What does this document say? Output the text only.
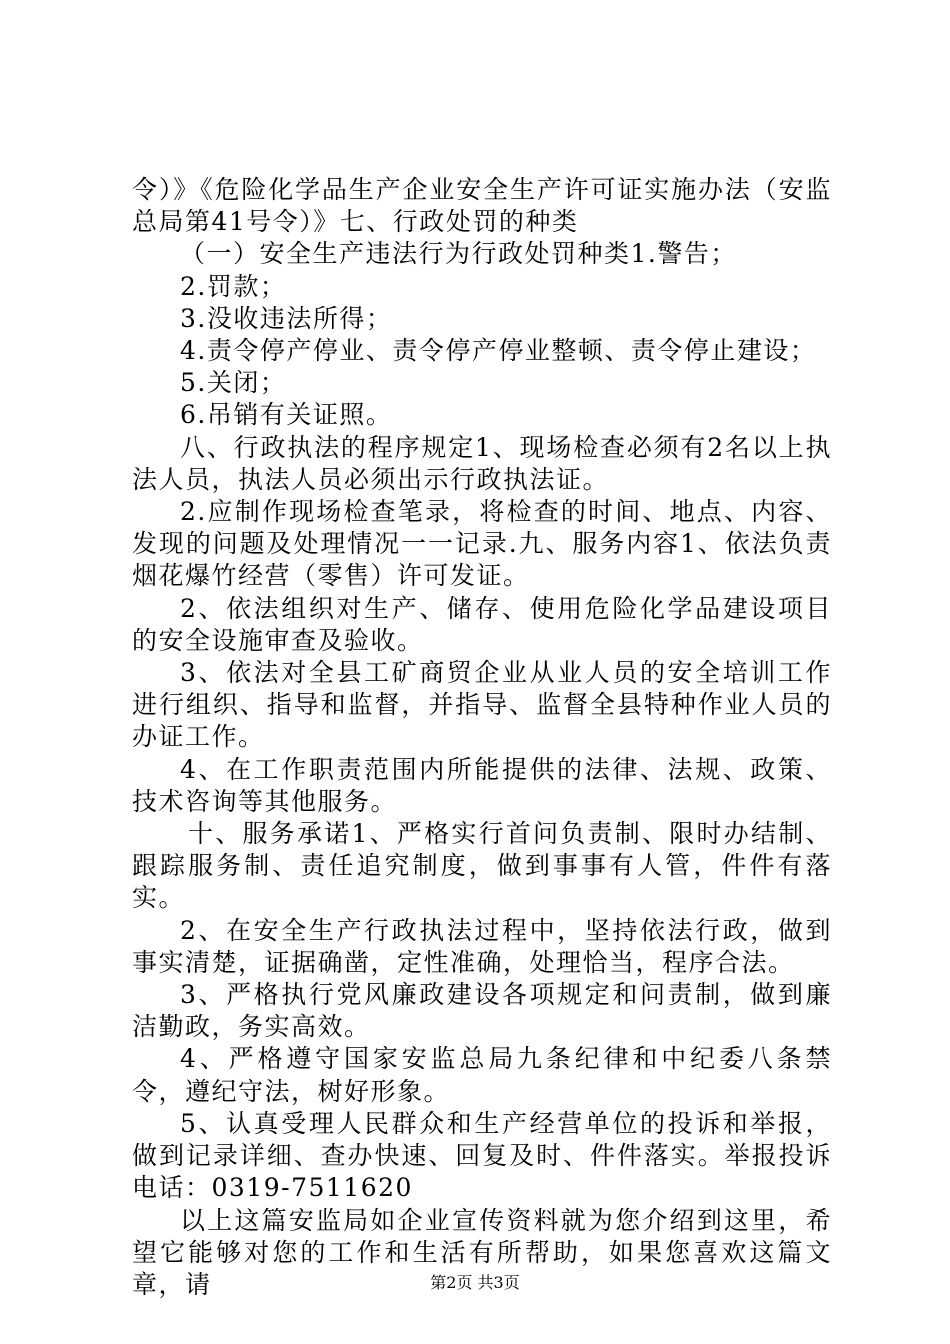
令）》《危险化学品生产企业安全生产许可证实施办法（安监总局第41号令）》七、行政处罚的种类

（一）安全生产违法行为行政处罚种类1.警告；

2.罚款；

3.没收违法所得；

4.责令停产停业、责令停产停业整顿、责令停止建设；

5.关闭；

6.吊销有关证照。

八、行政执法的程序规定1、现场检查必须有2名以上执法人员，执法人员必须出示行政执法证。

2.应制作现场检查笔录，将检查的时间、地点、内容、发现的问题及处理情况一一记录.九、服务内容1、依法负责烟花爆竹经营（零售）许可发证。

2、依法组织对生产、储存、使用危险化学品建设项目的安全设施审查及验收。

3、依法对全县工矿商贸企业从业人员的安全培训工作进行组织、指导和监督，并指导、监督全县特种作业人员的办证工作。

4、在工作职责范围内所能提供的法律、法规、政策、技术咨询等其他服务。

十、服务承诺1、严格实行首问负责制、限时办结制、跟踪服务制、责任追究制度，做到事事有人管，件件有落实。

2、在安全生产行政执法过程中，坚持依法行政，做到事实清楚，证据确凿，定性准确，处理恰当，程序合法。

3、严格执行党风廉政建设各项规定和问责制，做到廉洁勤政，务实高效。

4、严格遵守国家安监总局九条纪律和中纪委八条禁令，遵纪守法，树好形象。

5、认真受理人民群众和生产经营单位的投诉和举报，做到记录详细、查办快速、回复及时、件件落实。举报投诉电话：0319-7511620

以上这篇安监局如企业宣传资料就为您介绍到这里，希望它能够对您的工作和生活有所帮助，如果您喜欢这篇文章，请	第2页 共3页
